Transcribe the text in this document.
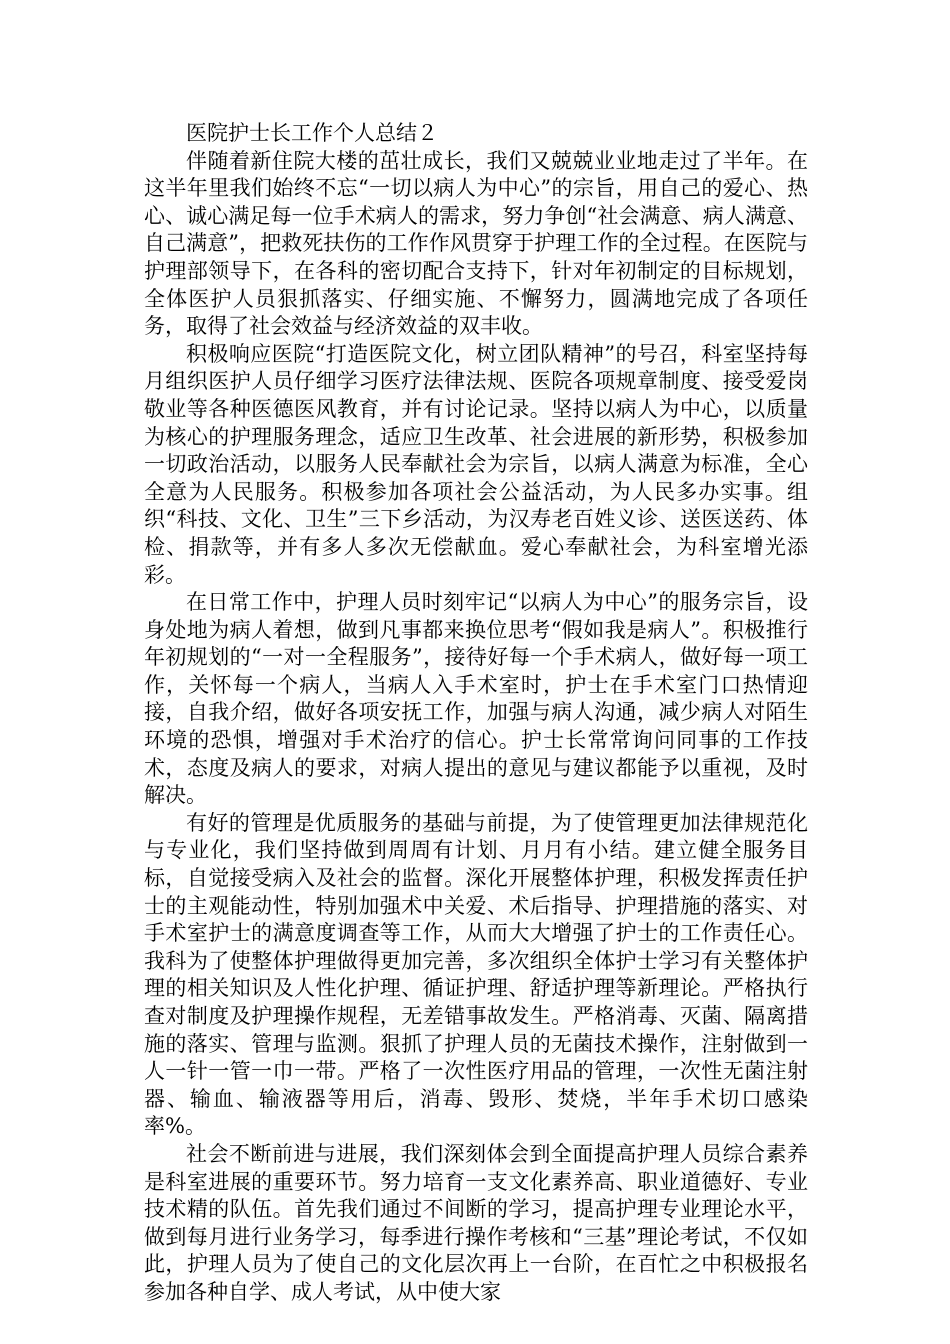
医院护士长工作个人总结２

伴随着新住院大楼的茁壮成长，我们又兢兢业业地走过了半年。在这半年里我们始终不忘“一切以病人为中心”的宗旨，用自己的爱心、热心、诚心满足每一位手术病人的需求，努力争创“社会满意、病人满意、自己满意”，把救死扶伤的工作作风贯穿于护理工作的全过程。在医院与护理部领导下，在各科的密切配合支持下，针对年初制定的目标规划，全体医护人员狠抓落实、仔细实施、不懈努力，圆满地完成了各项任务，取得了社会效益与经济效益的双丰收。

积极响应医院“打造医院文化，树立团队精神”的号召，科室坚持每月组织医护人员仔细学习医疗法律法规、医院各项规章制度、接受爱岗敬业等各种医德医风教育，并有讨论记录。坚持以病人为中心，以质量为核心的护理服务理念，适应卫生改革、社会进展的新形势，积极参加一切政治活动，以服务人民奉献社会为宗旨，以病人满意为标准，全心全意为人民服务。积极参加各项社会公益活动，为人民多办实事。组织“科技、文化、卫生”三下乡活动，为汉寿老百姓义诊、送医送药、体检、捐款等，并有多人多次无偿献血。爱心奉献社会，为科室增光添彩。

在日常工作中，护理人员时刻牢记“以病人为中心”的服务宗旨，设身处地为病人着想，做到凡事都来换位思考“假如我是病人”。积极推行年初规划的“一对一全程服务”，接待好每一个手术病人，做好每一项工作，关怀每一个病人，当病人入手术室时，护士在手术室门口热情迎接，自我介绍，做好各项安抚工作，加强与病人沟通，减少病人对陌生环境的恐惧，增强对手术治疗的信心。护士长常常询问同事的工作技术，态度及病人的要求，对病人提出的意见与建议都能予以重视，及时解决。

有好的管理是优质服务的基础与前提，为了使管理更加法律规范化与专业化，我们坚持做到周周有计划、月月有小结。建立健全服务目标，自觉接受病入及社会的监督。深化开展整体护理，积极发挥责任护士的主观能动性，特别加强术中关爱、术后指导、护理措施的落实、对手术室护士的满意度调查等工作，从而大大增强了护士的工作责任心。我科为了使整体护理做得更加完善，多次组织全体护士学习有关整体护理的相关知识及人性化护理、循证护理、舒适护理等新理论。严格执行查对制度及护理操作规程，无差错事故发生。严格消毒、灭菌、隔离措施的落实、管理与监测。狠抓了护理人员的无菌技术操作，注射做到一人一针一管一巾一带。严格了一次性医疗用品的管理，一次性无菌注射器、输血、输液器等用后，消毒、毁形、焚烧，半年手术切口感染率%。

社会不断前进与进展，我们深刻体会到全面提高护理人员综合素养是科室进展的重要环节。努力培育一支文化素养高、职业道德好、专业技术精的队伍。首先我们通过不间断的学习，提高护理专业理论水平，做到每月进行业务学习，每季进行操作考核和“三基”理论考试，不仅如此，护理人员为了使自己的文化层次再上一台阶，在百忙之中积极报名参加各种自学、成人考试，从中使大家
